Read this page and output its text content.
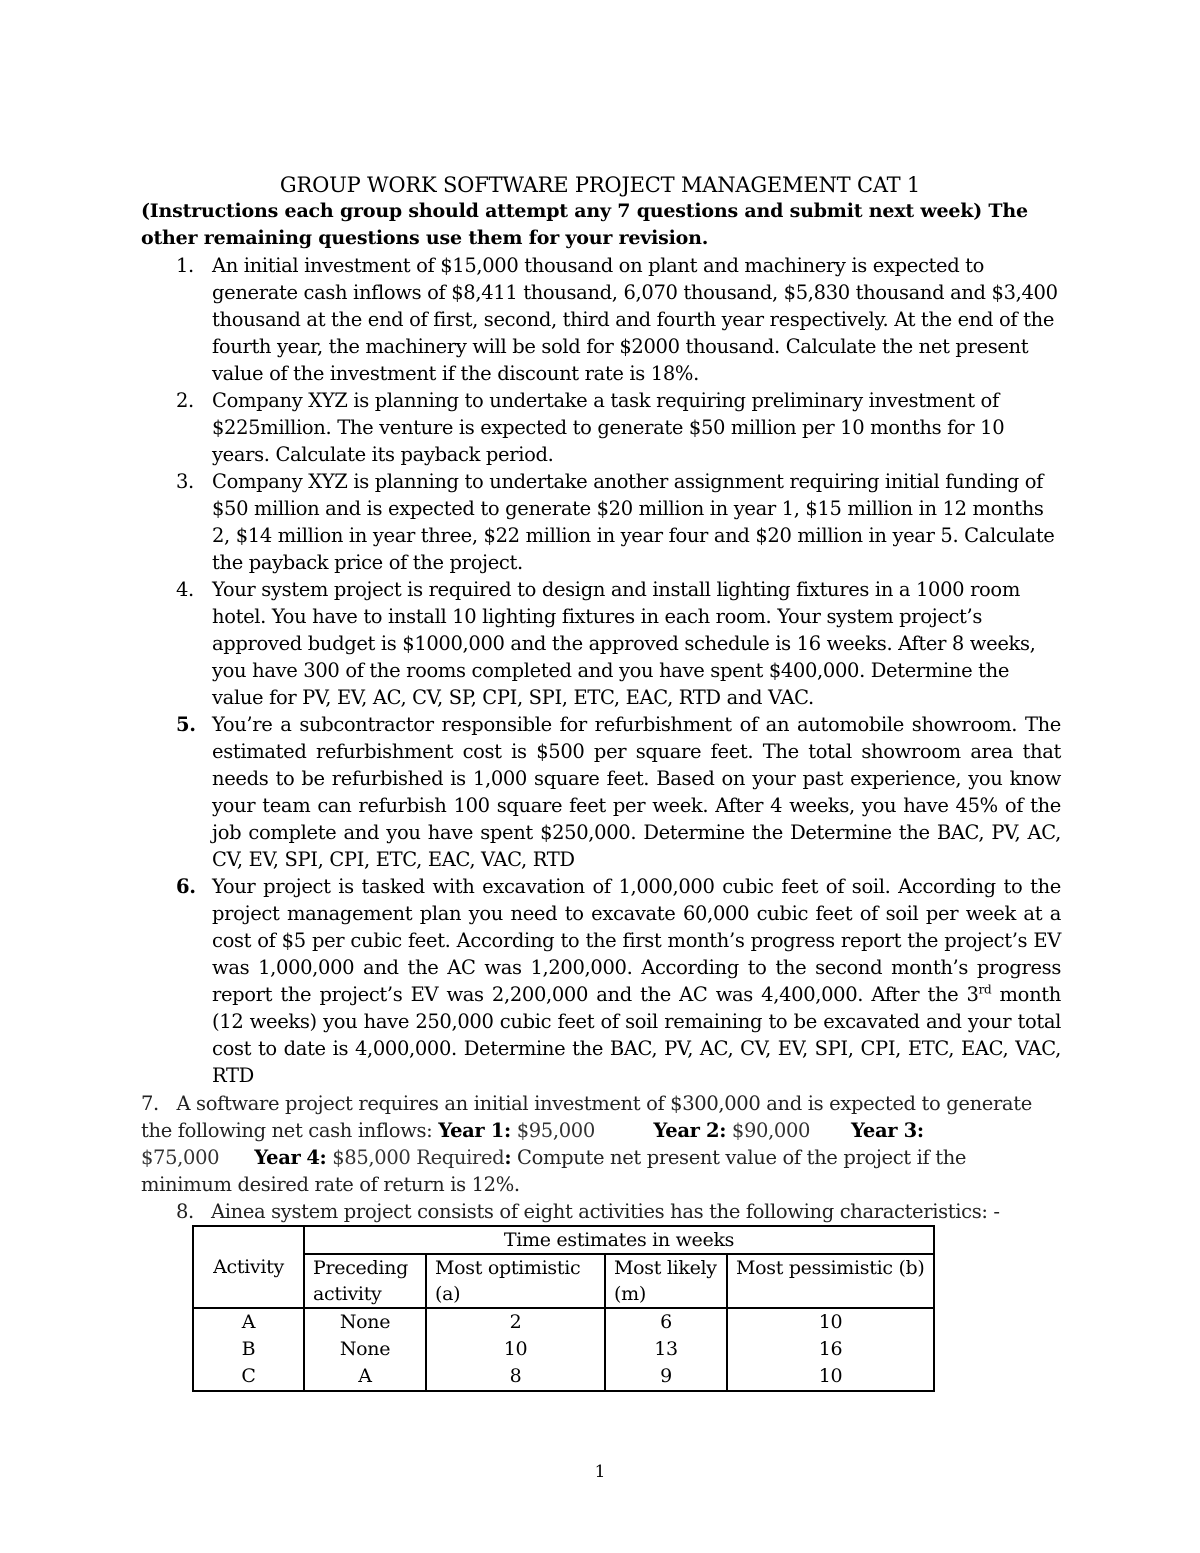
GROUP WORK SOFTWARE PROJECT MANAGEMENT CAT 1
(Instructions each group should attempt any 7 questions and submit next week) The other remaining questions use them for your revision.
1. An initial investment of $15,000 thousand on plant and machinery is expected to generate cash inflows of $8,411 thousand, 6,070 thousand, $5,830 thousand and $3,400 thousand at the end of first, second, third and fourth year respectively. At the end of the fourth year, the machinery will be sold for $2000 thousand. Calculate the net present value of the investment if the discount rate is 18%.
2. Company XYZ is planning to undertake a task requiring preliminary investment of $225million. The venture is expected to generate $50 million per 10 months for 10 years. Calculate its payback period.
3. Company XYZ is planning to undertake another assignment requiring initial funding of $50 million and is expected to generate $20 million in year 1, $15 million in 12 months 2, $14 million in year three, $22 million in year four and $20 million in year 5. Calculate the payback price of the project.
4. Your system project is required to design and install lighting fixtures in a 1000 room hotel. You have to install 10 lighting fixtures in each room. Your system project’s approved budget is $1000,000 and the approved schedule is 16 weeks. After 8 weeks, you have 300 of the rooms completed and you have spent $400,000. Determine the value for PV, EV, AC, CV, SP, CPI, SPI, ETC, EAC, RTD and VAC.
5. You’re a subcontractor responsible for refurbishment of an automobile showroom. The estimated refurbishment cost is $500 per square feet. The total showroom area that needs to be refurbished is 1,000 square feet. Based on your past experience, you know your team can refurbish 100 square feet per week. After 4 weeks, you have 45% of the job complete and you have spent $250,000. Determine the Determine the BAC, PV, AC, CV, EV, SPI, CPI, ETC, EAC, VAC, RTD
6. Your project is tasked with excavation of 1,000,000 cubic feet of soil. According to the project management plan you need to excavate 60,000 cubic feet of soil per week at a cost of $5 per cubic feet. According to the first month’s progress report the project’s EV was 1,000,000 and the AC was 1,200,000. According to the second month’s progress report the project’s EV was 2,200,000 and the AC was 4,400,000. After the 3rd month (12 weeks) you have 250,000 cubic feet of soil remaining to be excavated and your total cost to date is 4,000,000. Determine the BAC, PV, AC, CV, EV, SPI, CPI, ETC, EAC, VAC, RTD
7. A software project requires an initial investment of $300,000 and is expected to generate the following net cash inflows: Year 1: $95,000	Year 2: $90,000 Year 3: $75,000 Year 4: $85,000 Required: Compute net present value of the project if the minimum desired rate of return is 12%.
8. Ainea system project consists of eight activities has the following characteristics: -
Activity	Time estimates in weeks			
	Preceding activity	Most optimistic (a)	Most likely (m)	Most pessimistic (b)
A	None	2	6	10
B	None	10	13	16
C	A	8	9	10
1
